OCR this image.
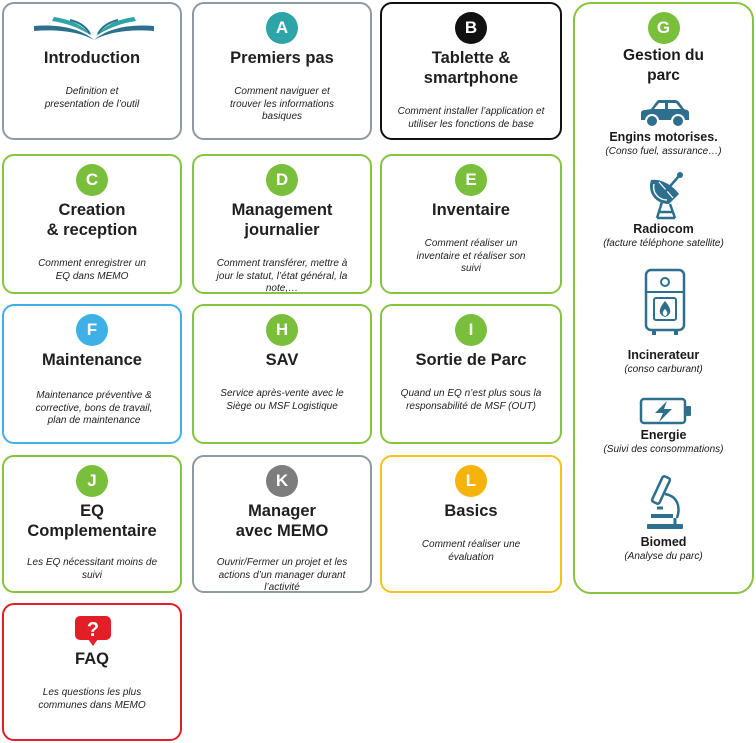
Introduction
Definition et presentation de l’outil
A
Premiers pas
Comment naviguer et trouver les informations basiques
B
Tablette &
smartphone
Comment installer l’application et utiliser les fonctions de base
C
Creation
& reception
Comment enregistrer un EQ dans MEMO
D
Management
journalier
Comment transférer, mettre à jour le statut, l’état général, la note,…
E
Inventaire
Comment réaliser un inventaire et réaliser son suivi
F
Maintenance
Maintenance préventive & corrective, bons de travail, plan de maintenance
H
SAV
Service après-vente avec le Siège ou MSF Logistique
I
Sortie de Parc
Quand un EQ n’est plus sous la responsabilité de MSF (OUT)
J
EQ
Complementaire
Les EQ nécessitant moins de suivi
K
Manager
avec MEMO
Ouvrir/Fermer un projet et les actions d’un manager durant l’activité
L
Basics
Comment réaliser une évaluation
?
FAQ
Les questions les plus communes dans MEMO
G
Gestion du
parc
Engins motorises.
(Conso fuel, assurance…)
Radiocom
(facture téléphone satellite)
Incinerateur
(conso carburant)
Energie
(Suivi des consommations)
Biomed
(Analyse du parc)
